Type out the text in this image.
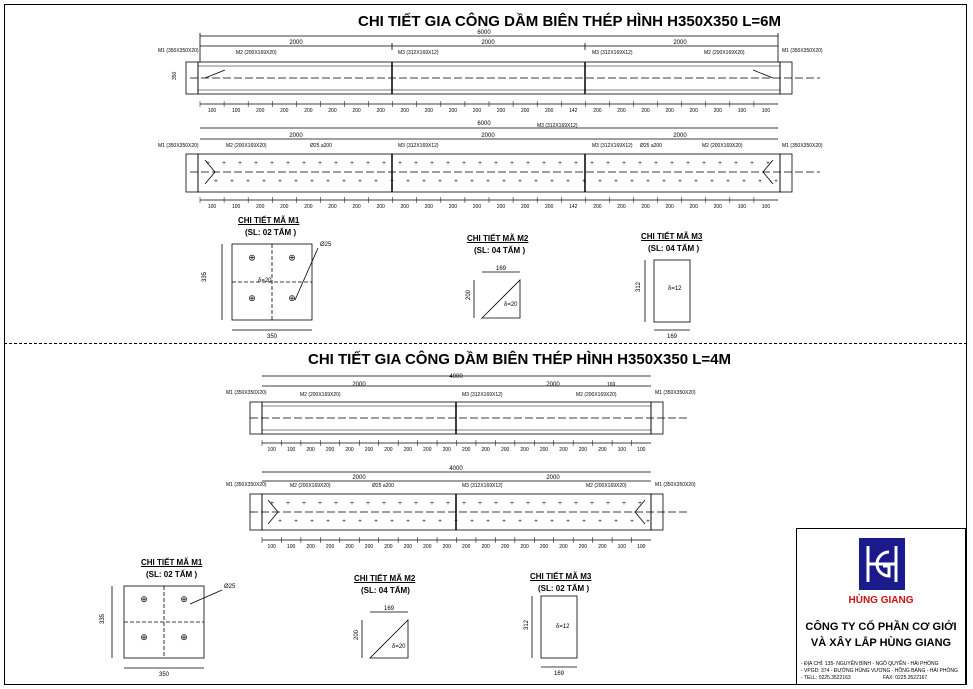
CHI TIẾT GIA CÔNG DẦM BIÊN THÉP HÌNH H350X350 L=6M
CHI TIẾT GIA CÔNG DẦM BIÊN THÉP HÌNH H350X350 L=4M
+
+
+
+
+
+
+
+
+
+
+
+
+
+
+
+
+
+
+
+
+
+
+
+
+
+
+
+
+
+
+
+
+
+
+
+
+
+
+
+
+
+
+
+
+
+
+
+
+
+
+
+
+
+
+
+
+
+
+
+
+
+
+
+
+
+
+
+
+
+
+
+
100	100	200	200	200	200	200	200	200	200	200	200	200	200	200	142	200	200	200	200	200	200	100	100
100	100	200	200	200	200	200	200	200	200	200	200	200	200	200	142	200	200	200	200	200	200	100	100
+
+
+
+
+
+
+
+
+
+
+
+
+
+
+
+
+
+
+
+
+
+
+
+
+
+
+
+
+
+
+
+
+
+
+
+
+
+
+
+
+
+
+
+
+
+
+
+
100 100 200 200 200 200 200 200 200 200 200 200 200 200 200 200 200 200 100 100
100 100 200 200 200 200 200 200 200 200 200 200 200 200 200 200 200 200 100 100
⊕	⊕
⊕	⊕
⊕	⊕
⊕	⊕
6000
2000	2000	2000
M1 (350X350X20)	M2 (200X169X20)	M3 (312X169X12)	M3 (312X169X12)	M2 (200X169X20)	M1 (350X350X20)
350
6000
2000	2000	2000
M3 (312X169X12)
M1 (350X350X20)	M2 (200X169X20)	Ø25 a200	M3 (312X169X12)	M3 (312X169X12) Ø25 a200	M2 (200X169X20)	M1 (350X350X20)
4000
2000	2000	169
M1 (350X350X20)	M2 (200X169X20)	M3 (312X169X12)	M2 (200X169X20)	M1 (350X350X20)
4000
2000	2000
M1 (350X350X20)	M2 (200X169X20)	Ø25 a200	M3 (312X169X12)	M2 (200X169X20)	M1 (350X350X20)
Ø25
δ=20
350
335
169
200
δ=20
169
312	δ=12
Ø25
350
335
169
200
δ=20
169
312	δ=12
CHI TIẾT MÃ M1
(SL: 02 TẤM )
CHI TIẾT MÃ M2
(SL: 04 TẤM )
CHI TIẾT MÃ M3
(SL: 04 TẤM )
CHI TIẾT MÃ M1
(SL: 02 TẤM )	CHI TIẾT MÃ M2
(SL: 04 TẤM)
CHI TIẾT MÃ M3
(SL: 02 TẤM )
HÙNG GIANG
CÔNG TY CỔ PHẦN CƠ GIỚI
VÀ XÂY LẮP HÙNG GIANG
- ĐỊA CHỈ: 135- NGUYỄN BÌNH - NGÔ QUYỀN - HẢI PHÒNG
- VPGD: 374 - ĐƯỜNG HÙNG VƯƠNG - HỒNG BÀNG - HẢI PHÒNG
- TELL: 0225.3522163	FAX: 0225.3522167
